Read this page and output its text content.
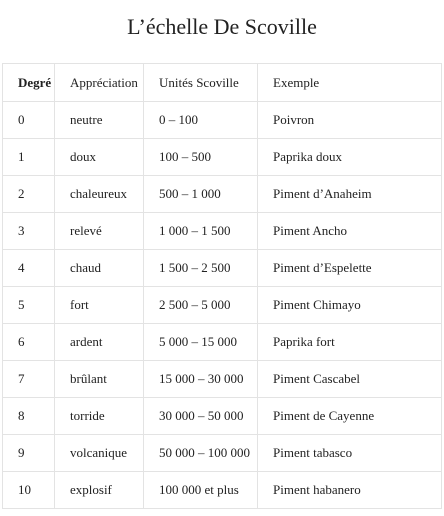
L’échelle De Scoville
Degré	Appréciation	Unités Scoville	Exemple
0	neutre	0 – 100	Poivron
1	doux	100 – 500	Paprika doux
2	chaleureux	500 – 1 000	Piment d’Anaheim
3	relevé	1 000 – 1 500	Piment Ancho
4	chaud	1 500 – 2 500	Piment d’Espelette
5	fort	2 500 – 5 000	Piment Chimayo
6	ardent	5 000 – 15 000	Paprika fort
7	brûlant	15 000 – 30 000	Piment Cascabel
8	torride	30 000 – 50 000	Piment de Cayenne
9	volcanique	50 000 – 100 000	Piment tabasco
10	explosif	100 000 et plus	Piment habanero
